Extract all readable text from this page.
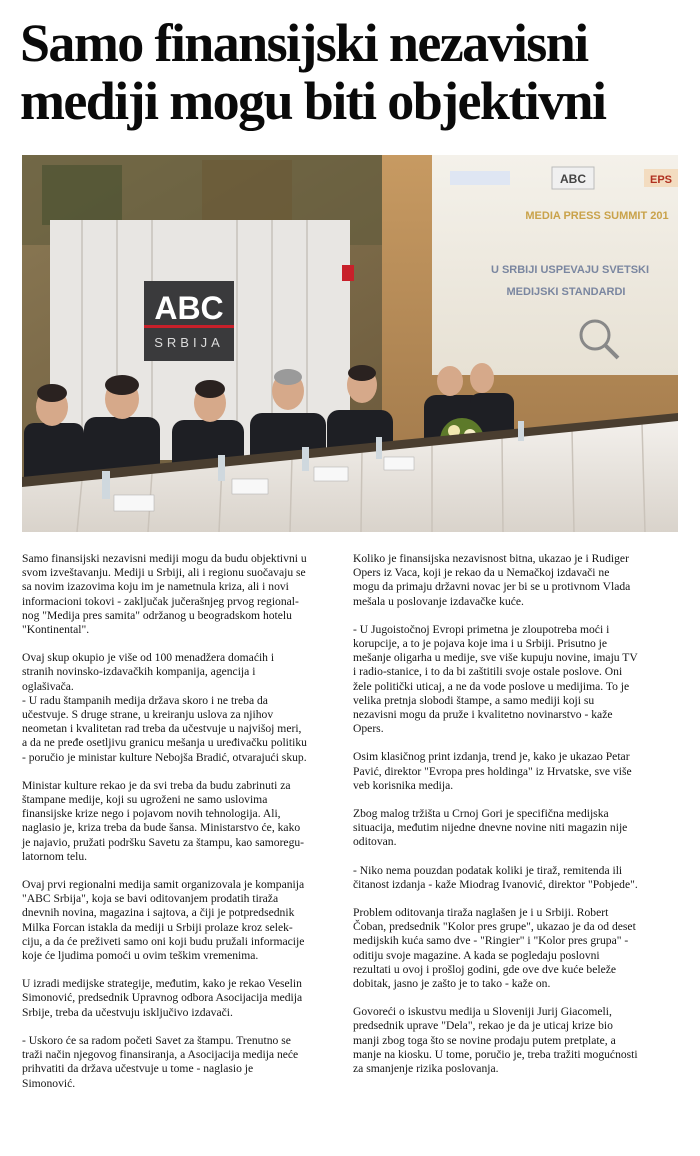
Samo finansijski nezavisni
mediji mogu biti objektivni
ABC
SRBIJA
ABC	EPS
MEDIA PRESS SUMMIT 201
U SRBIJI USPEVAJU SVETSKI
MEDIJSKI STANDARDI

Samo finansijski nezavisni mediji mogu da budu objektivni u
svom izveštavanju. Mediji u Srbiji, ali i regionu suočavaju se
sa novim izazovima koju im je nametnula kriza, ali i novi
informacioni tokovi - zaključak jučerašnjeg prvog regional-
nog "Medija pres samita" održanog u beogradskom hotelu
"Kontinental".

Ovaj skup okupio je više od 100 menadžera domaćih i
stranih novinsko-izdavačkih kompanija, agencija i
oglašivača.
- U radu štampanih medija država skoro i ne treba da
učestvuje. S druge strane, u kreiranju uslova za njihov
neometan i kvalitetan rad treba da učestvuje u najvišoj meri,
a da ne pređe osetljivu granicu mešanja u uređivačku politiku
- poručio je ministar kulture Nebojša Bradić, otvarajući skup.

Ministar kulture rekao je da svi treba da budu zabrinuti za
štampane medije, koji su ugroženi ne samo uslovima
finansijske krize nego i pojavom novih tehnologija. Ali,
naglasio je, kriza treba da bude šansa. Ministarstvo će, kako
je najavio, pružati podršku Savetu za štampu, kao samoregu-
latornom telu.

Ovaj prvi regionalni medija samit organizovala je kompanija
"ABC Srbija", koja se bavi oditovanjem prodatih tiraža
dnevnih novina, magazina i sajtova, a čiji je potpredsednik
Milka Forcan istakla da mediji u Srbiji prolaze kroz selek-
ciju, a da će preživeti samo oni koji budu pružali informacije
koje će ljudima pomoći u ovim teškim vremenima.

U izradi medijske strategije, međutim, kako je rekao Veselin
Simonović, predsednik Upravnog odbora Asocijacija medija
Srbije, treba da učestvuju isključivo izdavači.

- Uskoro će sa radom početi Savet za štampu. Trenutno se
traži način njegovog finansiranja, a Asocijacija medija neće
prihvatiti da država učestvuje u tome - naglasio je
Simonović.

Koliko je finansijska nezavisnost bitna, ukazao je i Rudiger
Opers iz Vaca, koji je rekao da u Nemačkoj izdavači ne
mogu da primaju državni novac jer bi se u protivnom Vlada
mešala u poslovanje izdavačke kuće.

- U Jugoistočnoj Evropi primetna je zloupotreba moći i
korupcije, a to je pojava koje ima i u Srbiji. Prisutno je
mešanje oligarha u medije, sve više kupuju novine, imaju TV
i radio-stanice, i to da bi zaštitili svoje ostale poslove. Oni
žele politički uticaj, a ne da vode poslove u medijima. To je
velika pretnja slobodi štampe, a samo mediji koji su
nezavisni mogu da pruže i kvalitetno novinarstvo - kaže
Opers.

Osim klasičnog print izdanja, trend je, kako je ukazao Petar
Pavić, direktor "Evropa pres holdinga" iz Hrvatske, sve više
veb korisnika medija.

Zbog malog tržišta u Crnoj Gori je specifična medijska
situacija, međutim nijedne dnevne novine niti magazin nije
oditovan.

- Niko nema pouzdan podatak koliki je tiraž, remitenda ili
čitanost izdanja - kaže Miodrag Ivanović, direktor "Pobjede".

Problem oditovanja tiraža naglašen je i u Srbiji. Robert
Čoban, predsednik "Kolor pres grupe", ukazao je da od deset
medijskih kuća samo dve - "Ringier" i "Kolor pres grupa" -
oditiju svoje magazine. A kada se pogledaju poslovni
rezultati u ovoj i prošloj godini, gde ove dve kuće beleže
dobitak, jasno je zašto je to tako - kaže on.

Govoreći o iskustvu medija u Sloveniji Jurij Giacomeli,
predsednik uprave "Dela", rekao je da je uticaj krize bio
manji zbog toga što se novine prodaju putem pretplate, a
manje na kiosku. U tome, poručio je, treba tražiti mogućnosti
za smanjenje rizika poslovanja.
